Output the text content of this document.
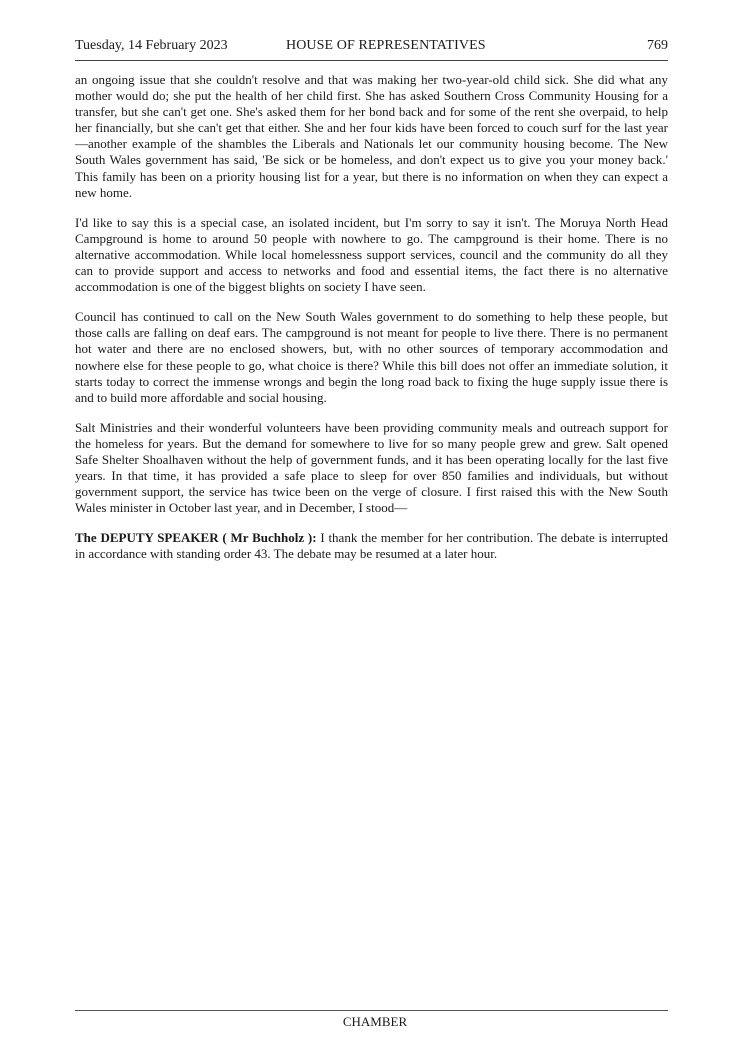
Tuesday, 14 February 2023	HOUSE OF REPRESENTATIVES	769

an ongoing issue that she couldn't resolve and that was making her two-year-old child sick. She did what any mother would do; she put the health of her child first. She has asked Southern Cross Community Housing for a transfer, but she can't get one. She's asked them for her bond back and for some of the rent she overpaid, to help her financially, but she can't get that either. She and her four kids have been forced to couch surf for the last year—another example of the shambles the Liberals and Nationals let our community housing become. The New South Wales government has said, 'Be sick or be homeless, and don't expect us to give you your money back.' This family has been on a priority housing list for a year, but there is no information on when they can expect a new home.

I'd like to say this is a special case, an isolated incident, but I'm sorry to say it isn't. The Moruya North Head Campground is home to around 50 people with nowhere to go. The campground is their home. There is no alternative accommodation. While local homelessness support services, council and the community do all they can to provide support and access to networks and food and essential items, the fact there is no alternative accommodation is one of the biggest blights on society I have seen.

Council has continued to call on the New South Wales government to do something to help these people, but those calls are falling on deaf ears. The campground is not meant for people to live there. There is no permanent hot water and there are no enclosed showers, but, with no other sources of temporary accommodation and nowhere else for these people to go, what choice is there? While this bill does not offer an immediate solution, it starts today to correct the immense wrongs and begin the long road back to fixing the huge supply issue there is and to build more affordable and social housing.

Salt Ministries and their wonderful volunteers have been providing community meals and outreach support for the homeless for years. But the demand for somewhere to live for so many people grew and grew. Salt opened Safe Shelter Shoalhaven without the help of government funds, and it has been operating locally for the last five years. In that time, it has provided a safe place to sleep for over 850 families and individuals, but without government support, the service has twice been on the verge of closure. I first raised this with the New South Wales minister in October last year, and in December, I stood—

The DEPUTY SPEAKER ( Mr Buchholz ): I thank the member for her contribution. The debate is interrupted in accordance with standing order 43. The debate may be resumed at a later hour.

CHAMBER
